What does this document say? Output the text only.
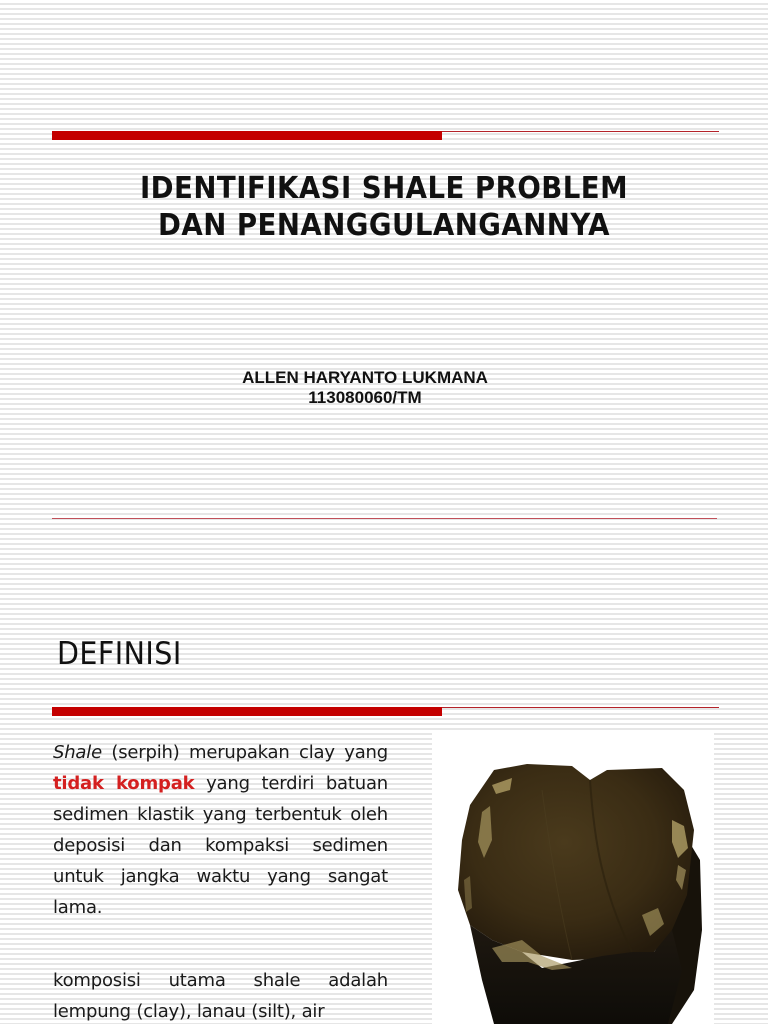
IDENTIFIKASI SHALE PROBLEM
DAN PENANGGULANGANNYA
ALLEN HARYANTO LUKMANA
113080060/TM
DEFINISI

Shale (serpih) merupakan clay yang tidak kompak yang terdiri batuan sedimen klastik yang terbentuk oleh deposisi dan kompaksi sedimen untuk jangka waktu yang sangat lama.

komposisi utama shale adalah lempung (clay), lanau (silt), air
